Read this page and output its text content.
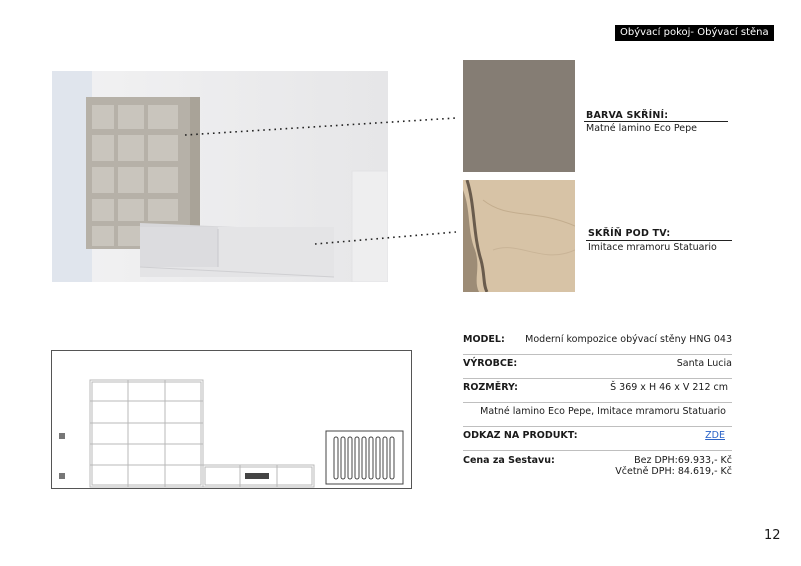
Obývací pokoj- Obývací stěna
BARVA SKŘÍNÍ:
Matné lamino Eco Pepe
SKŘÍŇ POD TV:
Imitace mramoru Statuario
MODEL: Moderní kompozice obývací stěny HNG 043
VÝROBCE:	Santa Lucia
ROZMĚRY:	Š 369 x H 46 x V 212 cm
Matné lamino Eco Pepe, Imitace mramoru Statuario
ODKAZ NA PRODUKT:	ZDE
Cena za Sestavu:	Bez DPH:69.933,- Kč
Včetně DPH: 84.619,- Kč
12
